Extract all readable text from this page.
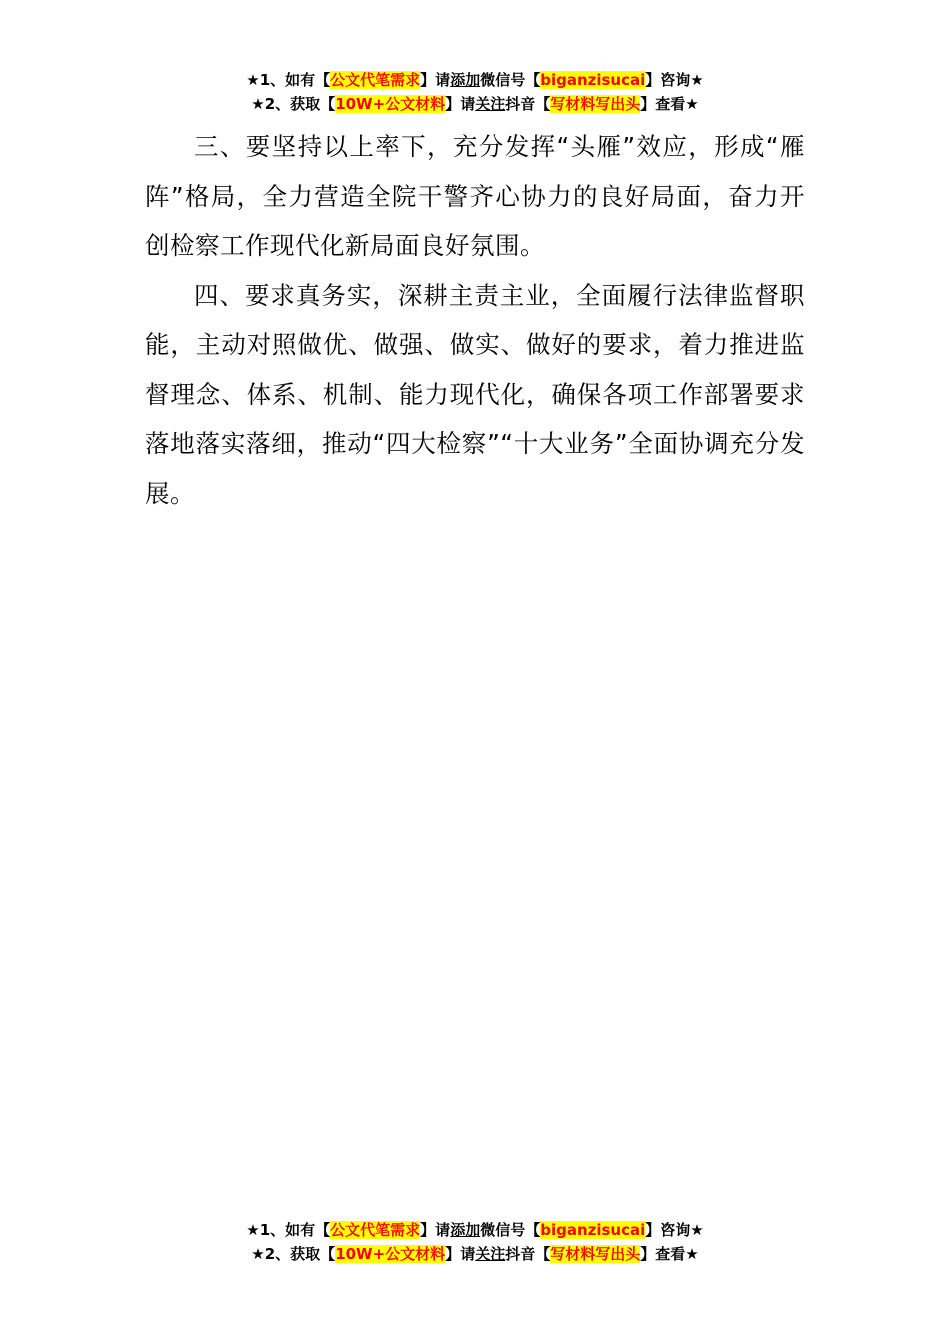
★1、如有【公文代笔需求】请添加微信号【biganzisucai】咨询★
★2、获取【10W+公文材料】请关注抖音【写材料写出头】查看★

三、要坚持以上率下，充分发挥“头雁”效应，形成“雁阵”格局，全力营造全院干警齐心协力的良好局面，奋力开创检察工作现代化新局面良好氛围。

四、要求真务实，深耕主责主业，全面履行法律监督职能，主动对照做优、做强、做实、做好的要求，着力推进监督理念、体系、机制、能力现代化，确保各项工作部署要求落地落实落细，推动“四大检察”“十大业务”全面协调充分发展。

★1、如有【公文代笔需求】请添加微信号【biganzisucai】咨询★
★2、获取【10W+公文材料】请关注抖音【写材料写出头】查看★
